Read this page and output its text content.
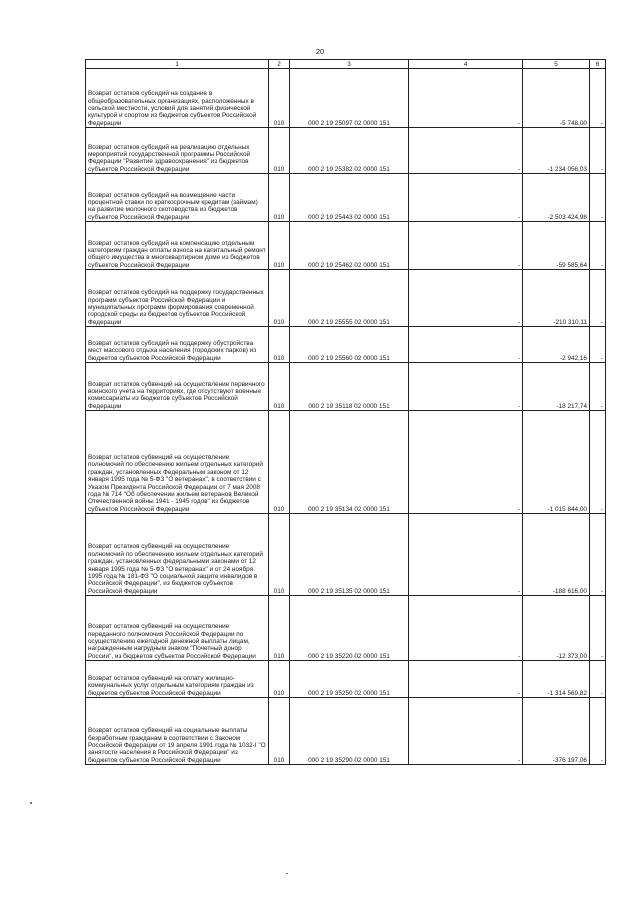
20
1	2	3	4	5	6

Возврат остатков субсидий на создание в общеобразовательных организациях, расположенных в сельской местности, условий для занятий физической культурой и спортом из бюджетов субъектов Российской Федерации	010	000 2 19 25097 02 0000 151	-	-5 748,00	-

Возврат остатков субсидий на реализацию отдельных мероприятий государственной программы Российской Федерации "Развитие здравоохранения" из бюджетов субъектов Российской Федерации	010	000 2 19 25382 02 0000 151	-	-1 234 056,03	-

Возврат остатков субсидий на возмещение части процентной ставки по краткосрочным кредитам (займам) на развитие молочного скотоводства из бюджетов субъектов Российской Федерации	010	000 2 19 25443 02 0000 151	-	-2 503 424,98	-

Возврат остатков субсидий на компенсацию отдельным категориям граждан оплаты взноса на капитальный ремонт общего имущества в многоквартирном доме из бюджетов субъектов Российской Федерации	010	000 2 19 25462 02 0000 151	-	-59 585,64	-

Возврат остатков субсидий на поддержку государственных программ субъектов Российской Федерации и муниципальных программ формирования современной городской среды из бюджетов субъектов Российской Федерации	010	000 2 19 25555 02 0000 151	-	-210 310,11	-

Возврат остатков субсидий на поддержку обустройства мест массового отдыха населения (городских парков) из бюджетов субъектов Российской Федерации	010	000 2 19 25560 02 0000 151	-	-2 942,16	-

Возврат остатков субвенций на осуществление первичного воинского учета на территориях, где отсутствуют военные комиссариаты из бюджетов субъектов Российской Федерации	010	000 2 19 35118 02 0000 151	-	-18 217,74	-

Возврат остатков субвенций на осуществление полномочий по обеспечению жильем отдельных категорий граждан, установленных Федеральным законом от 12 января 1995 года № 5-ФЗ "О ветеранах", в соответствии с Указом Президента Российской Федерации от 7 мая 2008 года № 714 "Об обеспечении жильем ветеранов Великой Отечественной войны 1941 - 1945 годов" из бюджетов субъектов Российской Федерации	010	000 2 19 35134 02 0000 151	-	-1 015 844,00	-

Возврат остатков субвенций на осуществление полномочий по обеспечению жильем отдельных категорий граждан, установленных федеральными законами от 12 января 1995 года № 5-ФЗ "О ветеранах" и от 24 ноября 1995 года № 181-ФЗ "О социальной защите инвалидов в Российской Федерации", из бюджетов субъектов Российской Федерации	010	000 2 19 35135 02 0000 151	-	-188 616,00	-

Возврат остатков субвенций на осуществление переданного полномочия Российской Федерации по осуществлению ежегодной денежной выплаты лицам, награжденным нагрудным знаком "Почетный донор России", из бюджетов субъектов Российской Федерации	010	000 2 19 35220 02 0000 151	-	-12 373,00	-

Возврат остатков субвенций на оплату жилищно-коммунальных услуг отдельным категориям граждан из бюджетов субъектов Российской Федерации	010	000 2 19 35250 02 0000 151	-	-1 314 569,82	-

Возврат остатков субвенций на социальные выплаты безработным гражданам в соответствии с Законом Российской Федерации от 19 апреля 1991 года № 1032-I "О занятости населения в Российской Федерации" из бюджетов субъектов Российской Федерации	010	000 2 19 35290 02 0000 151	-	-376 197,06	-
